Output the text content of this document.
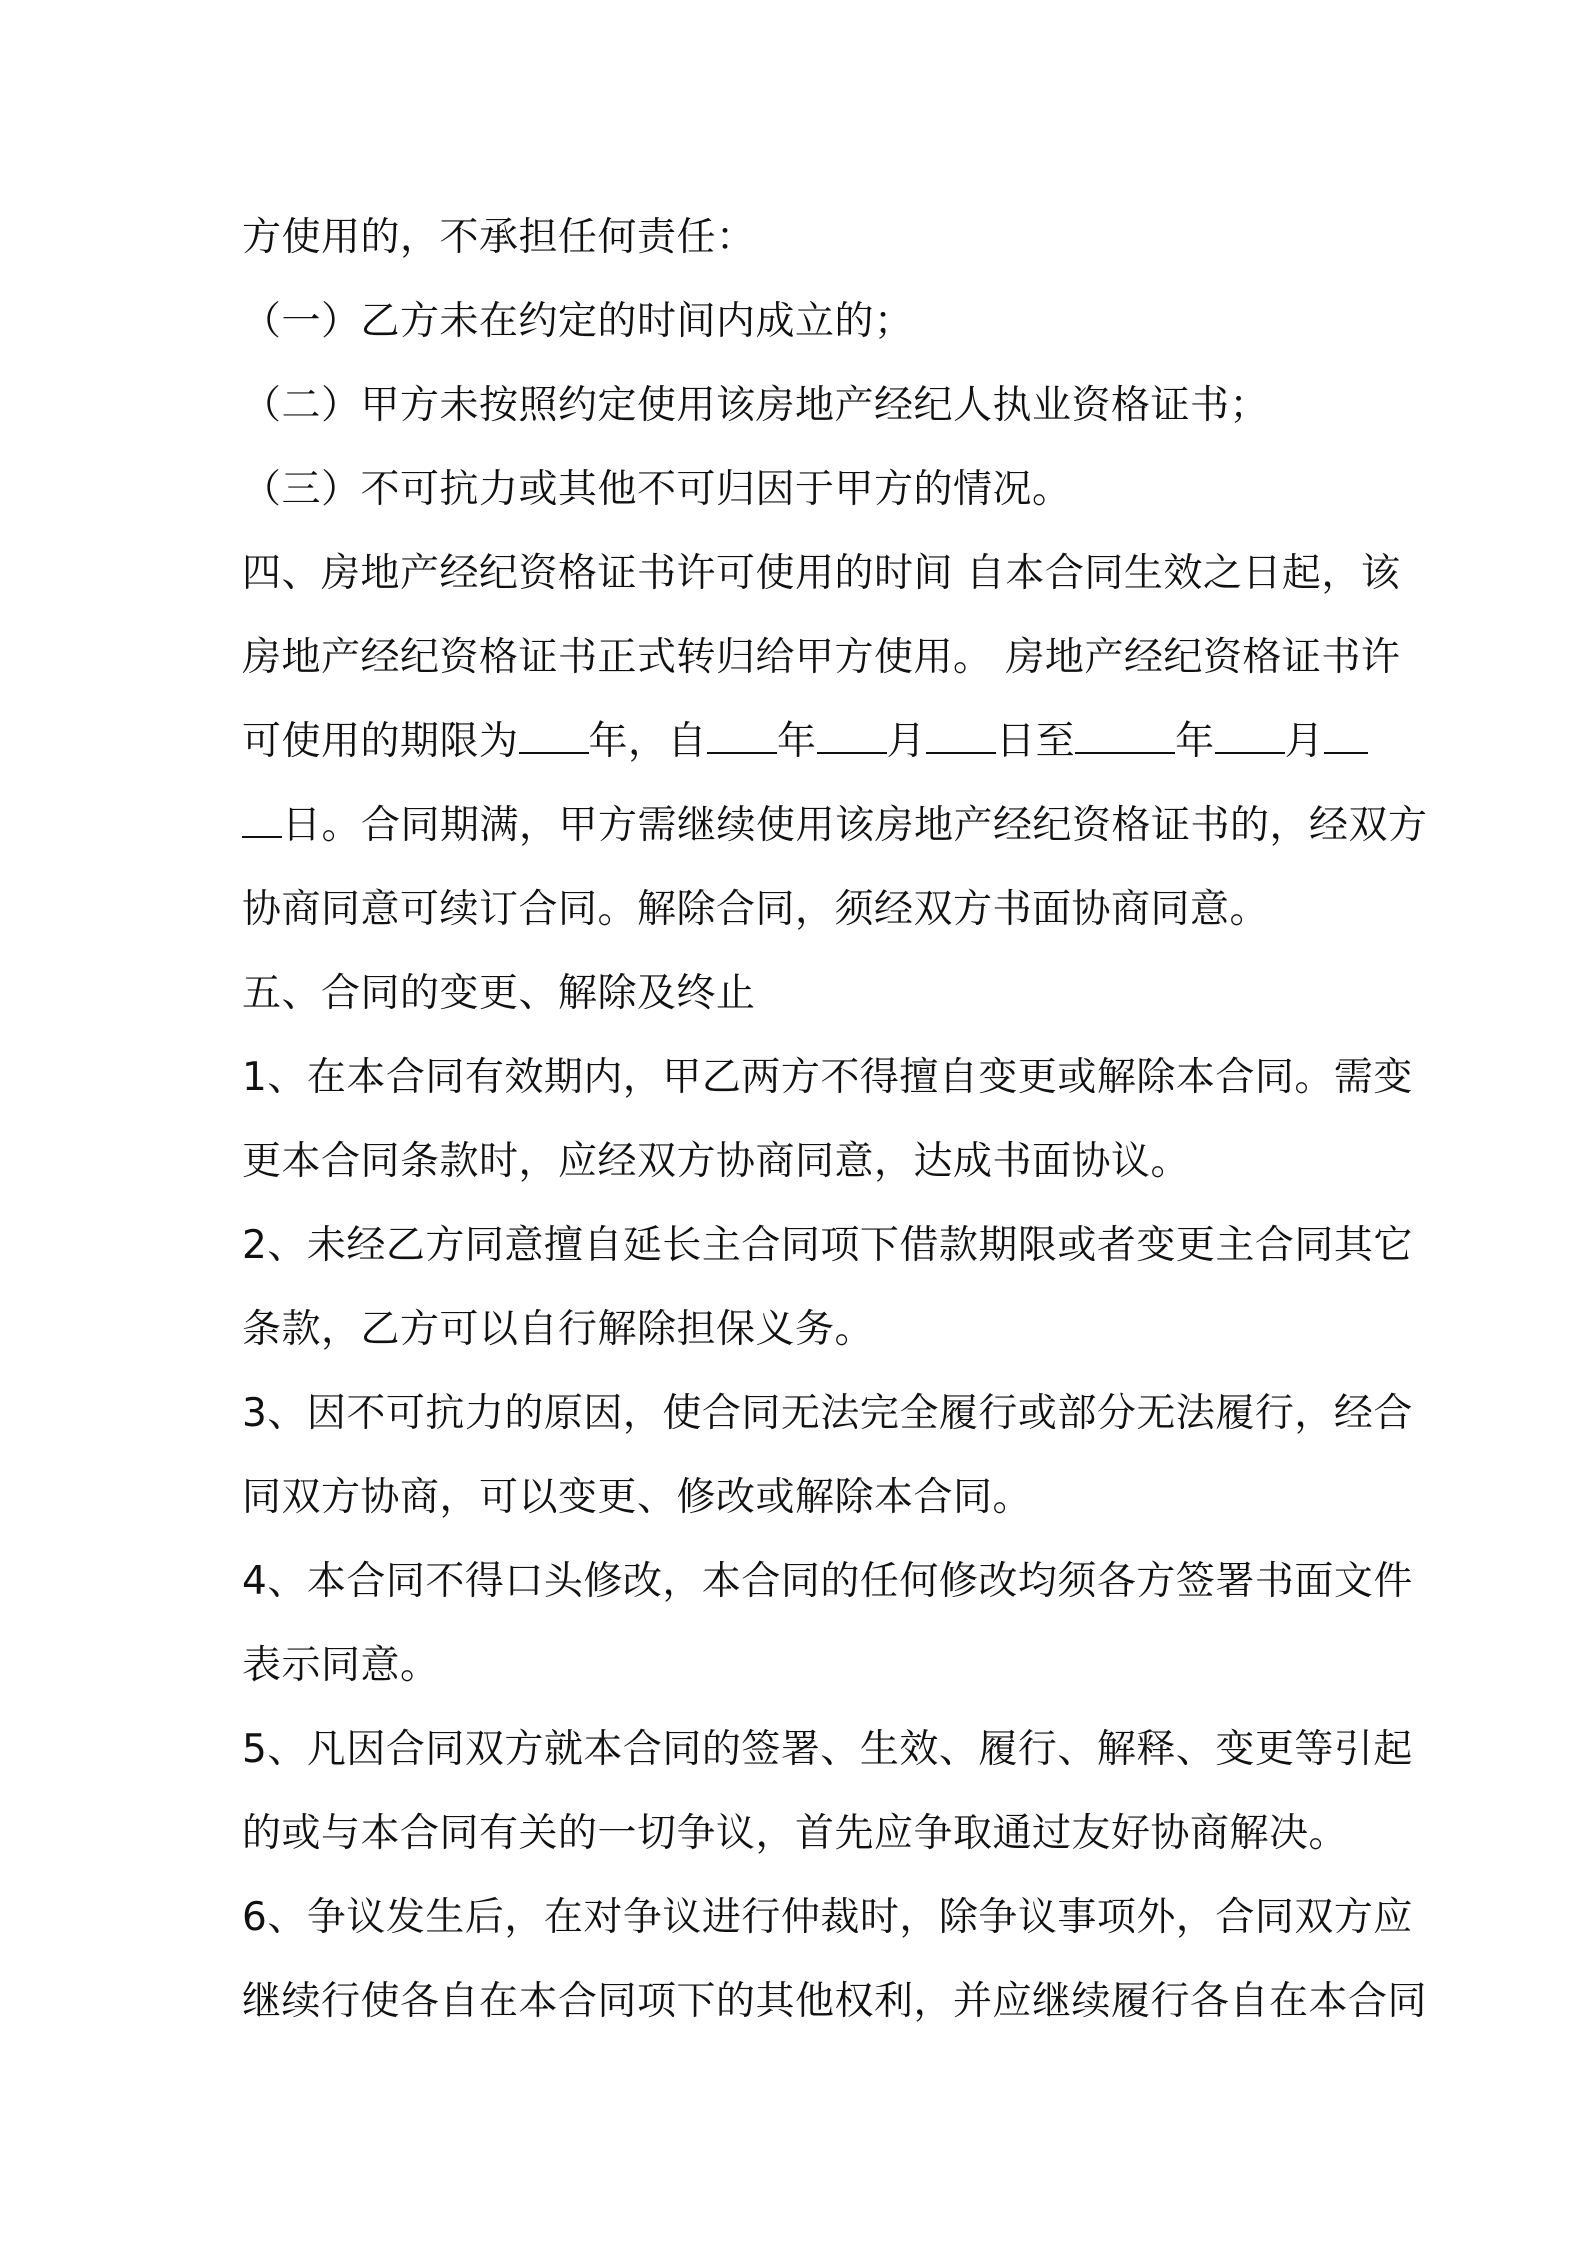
方使用的，不承担任何责任：
（一）乙方未在约定的时间内成立的；
（二）甲方未按照约定使用该房地产经纪人执业资格证书；
（三）不可抗力或其他不可归因于甲方的情况。
四、房地产经纪资格证书许可使用的时间 自本合同生效之日起，该
房地产经纪资格证书正式转归给甲方使用。 房地产经纪资格证书许
可使用的期限为 年，自 年 月 日至	年 月
日。合同期满，甲方需继续使用该房地产经纪资格证书的，经双方
协商同意可续订合同。解除合同，须经双方书面协商同意。
五、合同的变更、解除及终止
1、在本合同有效期内，甲乙两方不得擅自变更或解除本合同。需变
更本合同条款时，应经双方协商同意，达成书面协议。
2、未经乙方同意擅自延长主合同项下借款期限或者变更主合同其它
条款，乙方可以自行解除担保义务。
3、因不可抗力的原因，使合同无法完全履行或部分无法履行，经合
同双方协商，可以变更、修改或解除本合同。
4、本合同不得口头修改，本合同的任何修改均须各方签署书面文件
表示同意。
5、凡因合同双方就本合同的签署、生效、履行、解释、变更等引起
的或与本合同有关的一切争议，首先应争取通过友好协商解决。
6、争议发生后，在对争议进行仲裁时，除争议事项外，合同双方应
继续行使各自在本合同项下的其他权利，并应继续履行各自在本合同
